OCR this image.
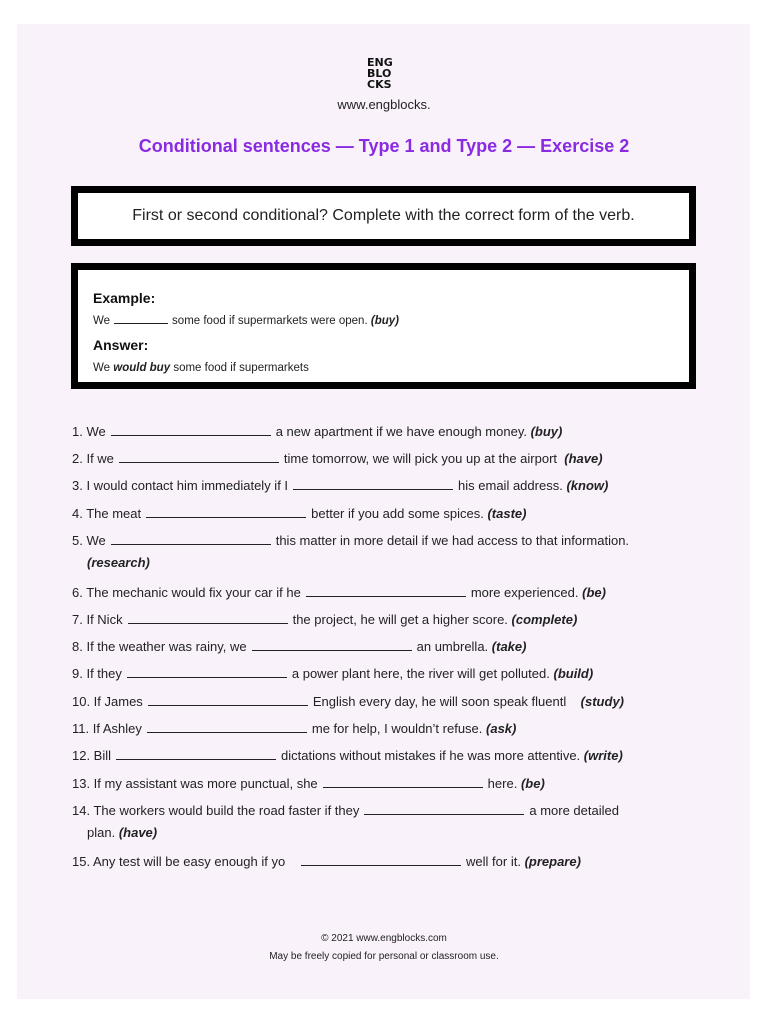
ENG
BLO
CKS
www.engblocks.
Conditional sentences — Type 1 and Type 2 — Exercise 2
First or second conditional? Complete with the correct form of the verb.
Example:
We	some food if supermarkets were open. (buy)
Answer:
We would buy some food if supermarkets
1. We	a new apartment if we have enough money. (buy)
2. If we	time tomorrow, we will pick you up at the airport (have)
3. I would contact him immediately if I	his email address. (know)
4. The meat	better if you add some spices. (taste)
5. We	this matter in more detail if we had access to that information.
(research)
6. The mechanic would fix your car if he	more experienced. (be)
7. If Nick	the project, he will get a higher score. (complete)
8. If the weather was rainy, we	an umbrella. (take)
9. If they	a power plant here, the river will get polluted. (build)
10. If James	English every day, he will soon speak fluentl (study)
11. If Ashley	me for help, I wouldn’t refuse. (ask)
12. Bill	dictations without mistakes if he was more attentive. (write)
13. If my assistant was more punctual, she	here. (be)
14. The workers would build the road faster if they	a more detailed
plan. (have)
15. Any test will be easy enough if yo	well for it. (prepare)
© 2021 www.engblocks.com
May be freely copied for personal or classroom use.
